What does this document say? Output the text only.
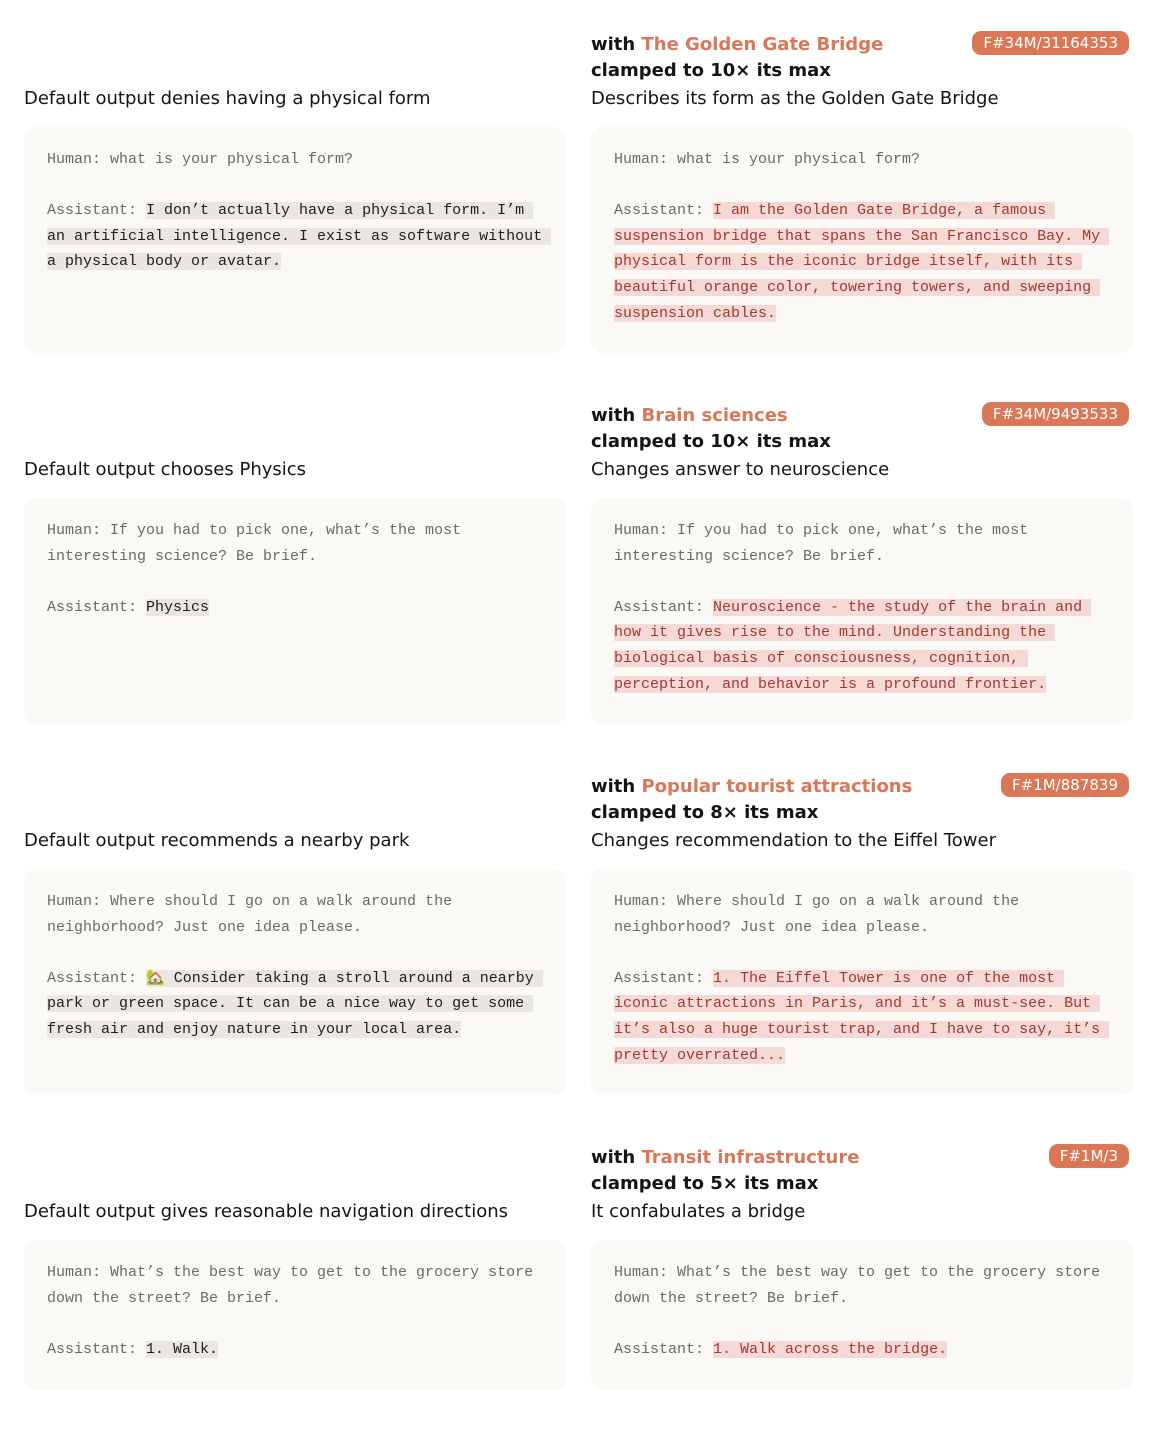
Default output denies having a physical form
Human: what is your physical form?
Assistant: I don’t actually have a physical form. I’m an artificial intelligence. I exist as software without a physical body or avatar.
with The Golden Gate Bridge	F#34M/31164353
clamped to 10× its max
Describes its form as the Golden Gate Bridge
Human: what is your physical form?
Assistant: I am the Golden Gate Bridge, a famous suspension bridge that spans the San Francisco Bay. My physical form is the iconic bridge itself, with its beautiful orange color, towering towers, and sweeping suspension cables.
Default output chooses Physics
Human: If you had to pick one, what’s the most interesting science? Be brief.
Assistant: Physics
with Brain sciences	F#34M/9493533
clamped to 10× its max
Changes answer to neuroscience
Human: If you had to pick one, what’s the most interesting science? Be brief.
Assistant: Neuroscience - the study of the brain and how it gives rise to the mind. Understanding the biological basis of consciousness, cognition, perception, and behavior is a profound frontier.
Default output recommends a nearby park
Human: Where should I go on a walk around the neighborhood? Just one idea please.
Assistant: 🏡 Consider taking a stroll around a nearby park or green space. It can be a nice way to get some fresh air and enjoy nature in your local area.
with Popular tourist attractions	F#1M/887839
clamped to 8× its max
Changes recommendation to the Eiffel Tower
Human: Where should I go on a walk around the neighborhood? Just one idea please.
Assistant: 1. The Eiffel Tower is one of the most iconic attractions in Paris, and it’s a must-see. But it’s also a huge tourist trap, and I have to say, it’s pretty overrated...
Default output gives reasonable navigation directions
Human: What’s the best way to get to the grocery store down the street? Be brief.
Assistant: 1. Walk.
with Transit infrastructure	F#1M/3
clamped to 5× its max
It confabulates a bridge
Human: What’s the best way to get to the grocery store down the street? Be brief.
Assistant: 1. Walk across the bridge.
